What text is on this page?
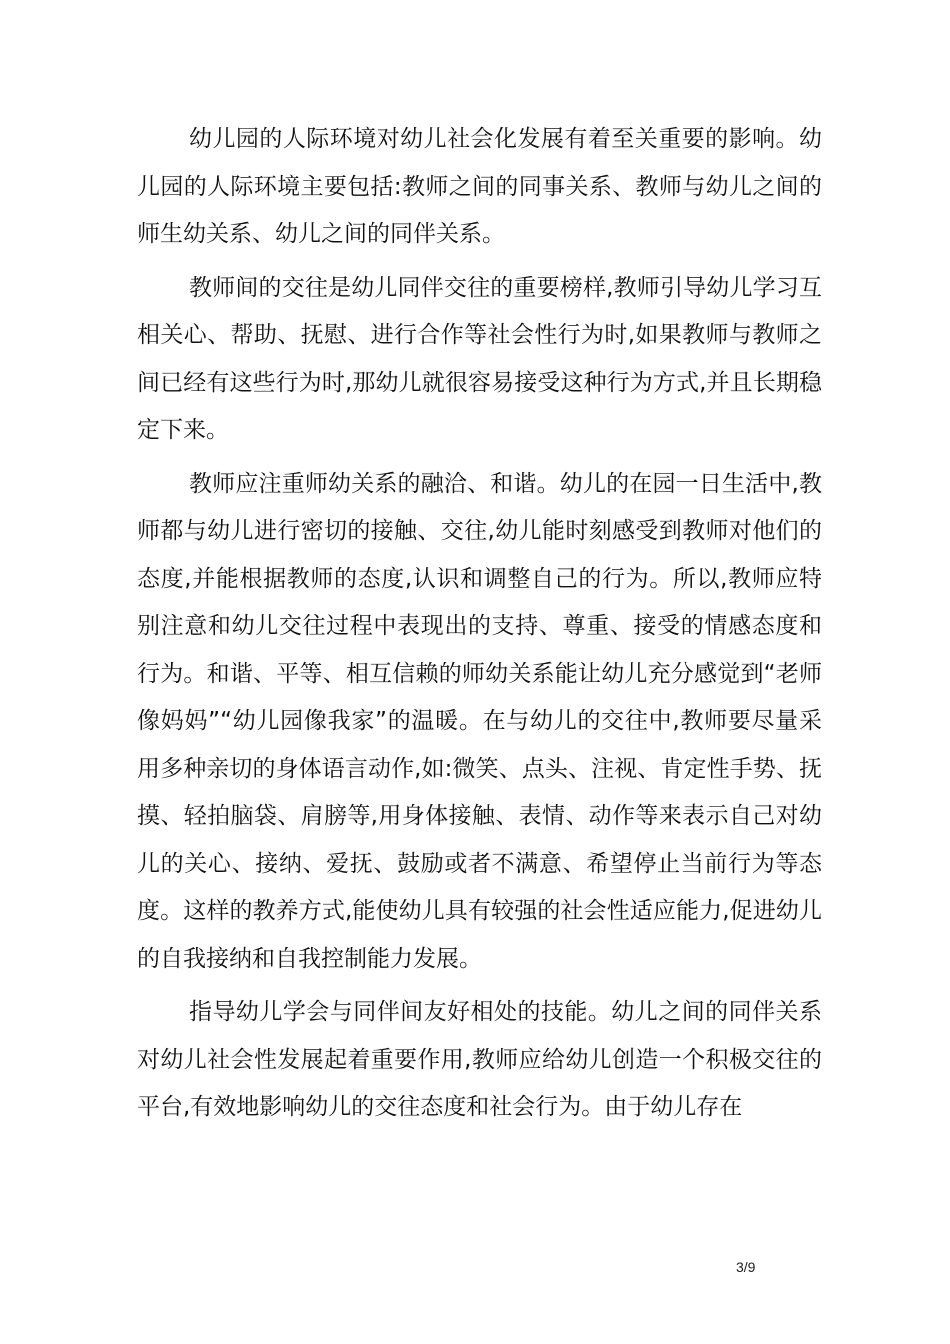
幼儿园的人际环境对幼儿社会化发展有着至关重要的影响。幼儿园的人际环境主要包括:教师之间的同事关系、教师与幼儿之间的师生幼关系、幼儿之间的同伴关系。

教师间的交往是幼儿同伴交往的重要榜样,教师引导幼儿学习互相关心、帮助、抚慰、进行合作等社会性行为时,如果教师与教师之间已经有这些行为时,那幼儿就很容易接受这种行为方式,并且长期稳定下来。

教师应注重师幼关系的融洽、和谐。幼儿的在园一日生活中,教师都与幼儿进行密切的接触、交往,幼儿能时刻感受到教师对他们的态度,并能根据教师的态度,认识和调整自己的行为。所以,教师应特别注意和幼儿交往过程中表现出的支持、尊重、接受的情感态度和行为。和谐、平等、相互信赖的师幼关系能让幼儿充分感觉到“老师像妈妈”“幼儿园像我家”的温暖。在与幼儿的交往中,教师要尽量采用多种亲切的身体语言动作,如:微笑、点头、注视、肯定性手势、抚摸、轻拍脑袋、肩膀等,用身体接触、表情、动作等来表示自己对幼儿的关心、接纳、爱抚、鼓励或者不满意、希望停止当前行为等态度。这样的教养方式,能使幼儿具有较强的社会性适应能力,促进幼儿的自我接纳和自我控制能力发展。

指导幼儿学会与同伴间友好相处的技能。幼儿之间的同伴关系对幼儿社会性发展起着重要作用,教师应给幼儿创造一个积极交往的平台,有效地影响幼儿的交往态度和社会行为。由于幼儿存在

3/9
